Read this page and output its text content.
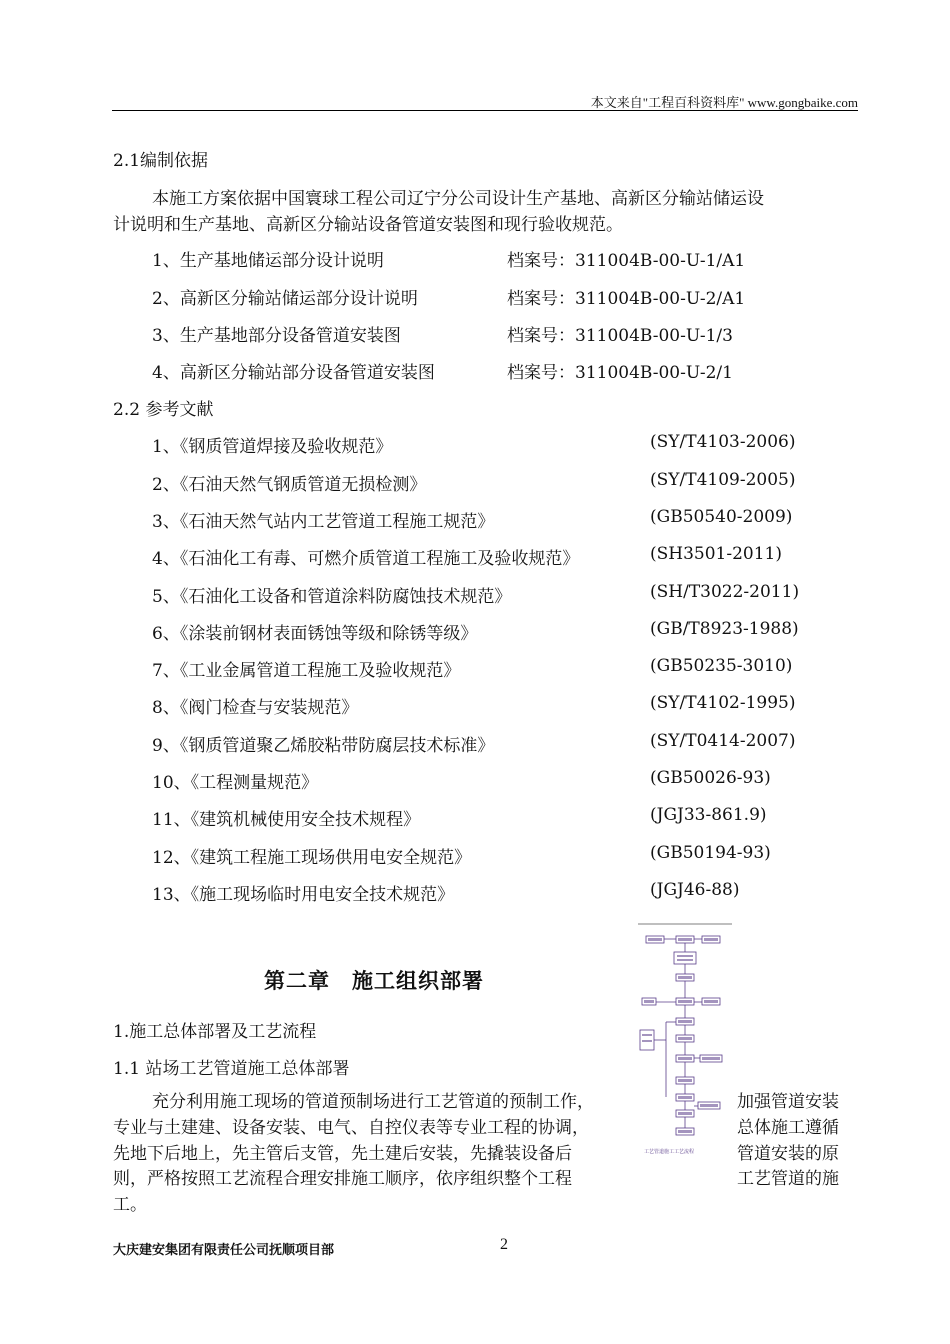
本文来自"工程百科资料库" www.gongbaike.com
2.1编制依据
本施工方案依据中国寰球工程公司辽宁分公司设计生产基地、高新区分输站储运设
计说明和生产基地、高新区分输站设备管道安装图和现行验收规范。
1、生产基地储运部分设计说明	档案号：311004B-00-U-1/A1
2、高新区分输站储运部分设计说明	档案号：311004B-00-U-2/A1
3、生产基地部分设备管道安装图	档案号：311004B-00-U-1/3
4、高新区分输站部分设备管道安装图	档案号：311004B-00-U-2/1
2.2 参考文献
1、《钢质管道焊接及验收规范》	(SY/T4103-2006)
2、《石油天然气钢质管道无损检测》	(SY/T4109-2005)
3、《石油天然气站内工艺管道工程施工规范》	(GB50540-2009)
4、《石油化工有毒、可燃介质管道工程施工及验收规范》	(SH3501-2011)
5、《石油化工设备和管道涂料防腐蚀技术规范》	(SH/T3022-2011)
6、《涂装前钢材表面锈蚀等级和除锈等级》	(GB/T8923-1988)
7、《工业金属管道工程施工及验收规范》	(GB50235-3010)
8、《阀门检查与安装规范》	(SY/T4102-1995)
9、《钢质管道聚乙烯胶粘带防腐层技术标准》	(SY/T0414-2007)
10、《工程测量规范》	(GB50026-93)
11、《建筑机械使用安全技术规程》	(JGJ33-861.9)
12、《建筑工程施工现场供用电安全规范》	(GB50194-93)
13、《施工现场临时用电安全技术规范》	(JGJ46-88)
第二章 施工组织部署
1.施工总体部署及工艺流程
1.1 站场工艺管道施工总体部署
充分利用施工现场的管道预制场进行工艺管道的预制工作，
专业与土建建、设备安装、电气、自控仪表等专业工程的协调，
先地下后地上，先主管后支管，先土建后安装，先撬装设备后
则，严格按照工艺流程合理安排施工顺序，依序组织整个工程
工。
加强管道安装
总体施工遵循
管道安装的原
工艺管道的施
工艺管道施工工艺流程
大庆建安集团有限责任公司抚顺项目部	2
